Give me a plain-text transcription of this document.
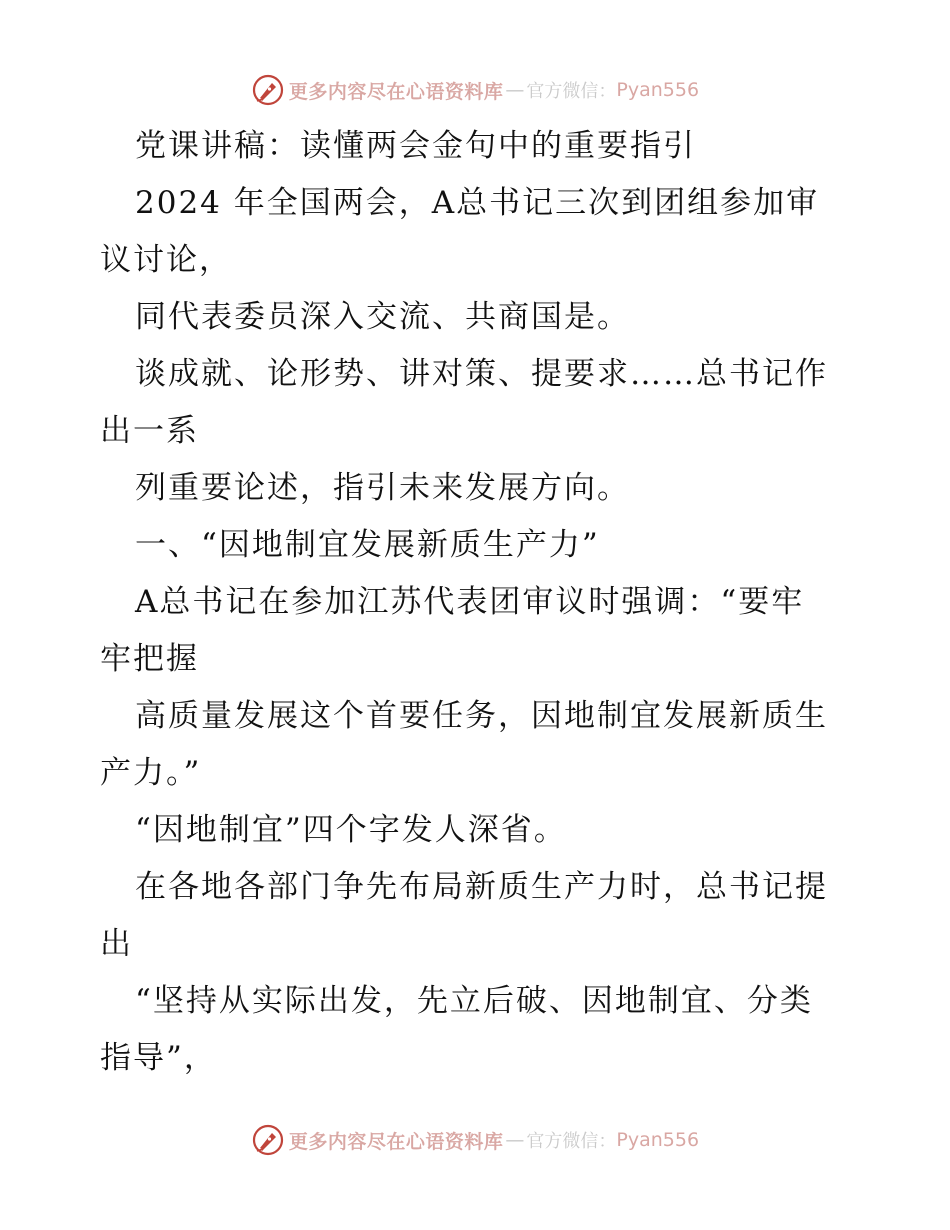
更多内容尽在心语资料库 — 官方微信： Pyan556
党课讲稿：读懂两会金句中的重要指引
2024 年全国两会，A总书记三次到团组参加审
议讨论，
同代表委员深入交流、共商国是。
谈成就、论形势、讲对策、提要求……总书记作
出一系
列重要论述，指引未来发展方向。
一、“因地制宜发展新质生产力”
A总书记在参加江苏代表团审议时强调：“要牢
牢把握
高质量发展这个首要任务，因地制宜发展新质生
产力。”
“因地制宜”四个字发人深省。
在各地各部门争先布局新质生产力时，总书记提
出
“坚持从实际出发，先立后破、因地制宜、分类
指导”，
更多内容尽在心语资料库 — 官方微信： Pyan556
